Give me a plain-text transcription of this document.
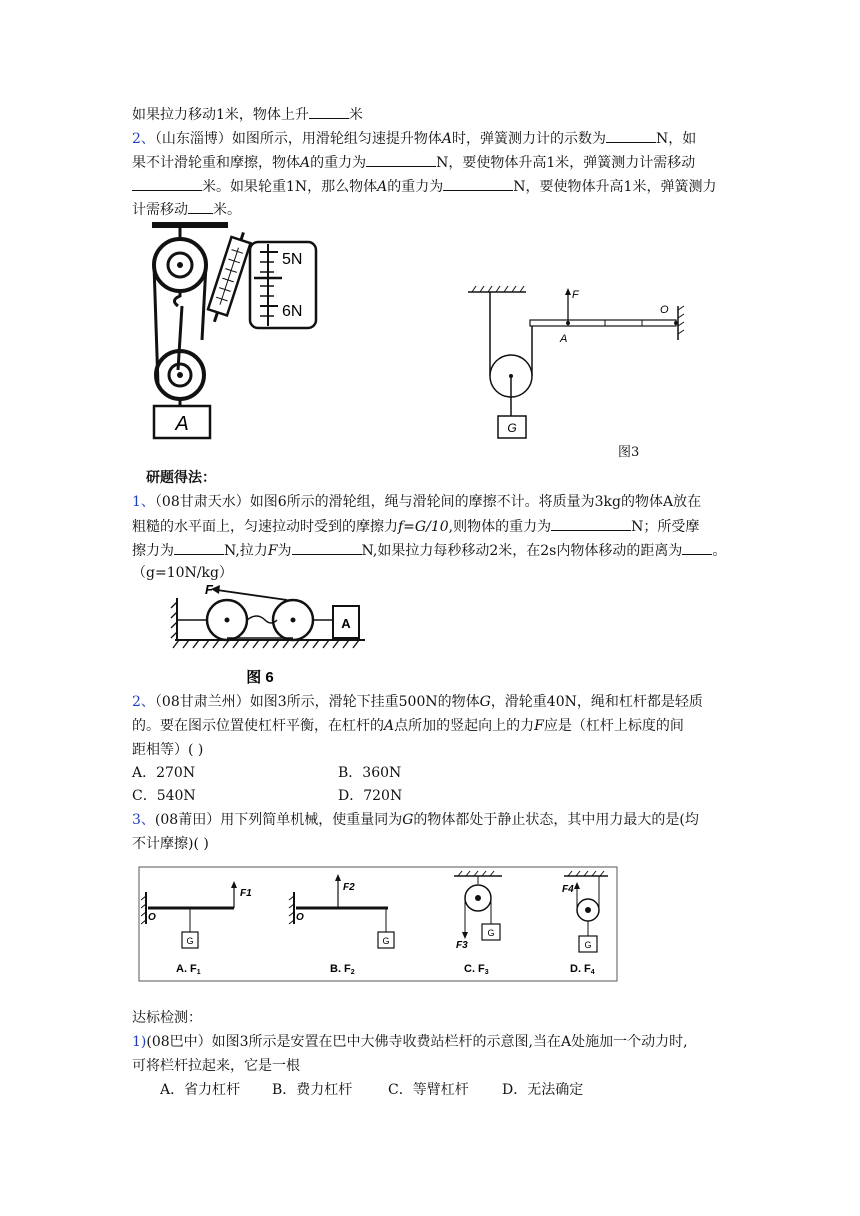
如果拉力移动1米，物体上升	米
2、（山东淄博）如图所示，用滑轮组匀速提升物体A时，弹簧测力计的示数为	N，如
果不计滑轮重和摩擦，物体A的重力为	N，要使物体升高1米，弹簧测力计需移动
米。如果轮重1N，那么物体A的重力为	N，要使物体升高1米，弹簧测力
计需移动 米。
A
5N
6N
G
O
F
A
图3
研题得法：
1、（08甘肃天水）如图6所示的滑轮组，绳与滑轮间的摩擦不计。将质量为3kg的物体A放在
粗糙的水平面上，匀速拉动时受到的摩擦力f=G/10,则物体的重力为	N；所受摩
擦力为	N,拉力F为	N,如果拉力每秒移动2米，在2s内物体移动的距离为 。
（g=10N/kg）
A
F
图 6
2、（08甘肃兰州）如图3所示，滑轮下挂重500N的物体G，滑轮重40N，绳和杠杆都是轻质
的。要在图示位置使杠杆平衡，在杠杆的A点所加的竖起向上的力F应是（杠杆上标度的间
距相等）( )
A．270N	B．360N
C．540N	D．720N
3、(08莆田）用下列简单机械，使重量同为G的物体都处于静止状态，其中用力最大的是(均
不计摩擦)( )
O
G
F1
O
F2
G	F3
G
F4
G
A. F1	B. F2	C. F3	D. F4
达标检测：
1)(08巴中）如图3所示是安置在巴中大佛寺收费站栏杆的示意图,当在A处施加一个动力时,
可将栏杆拉起来，它是一根
A．省力杠杆 B．费力杠杆	C．等臂杠杆 D．无法确定
